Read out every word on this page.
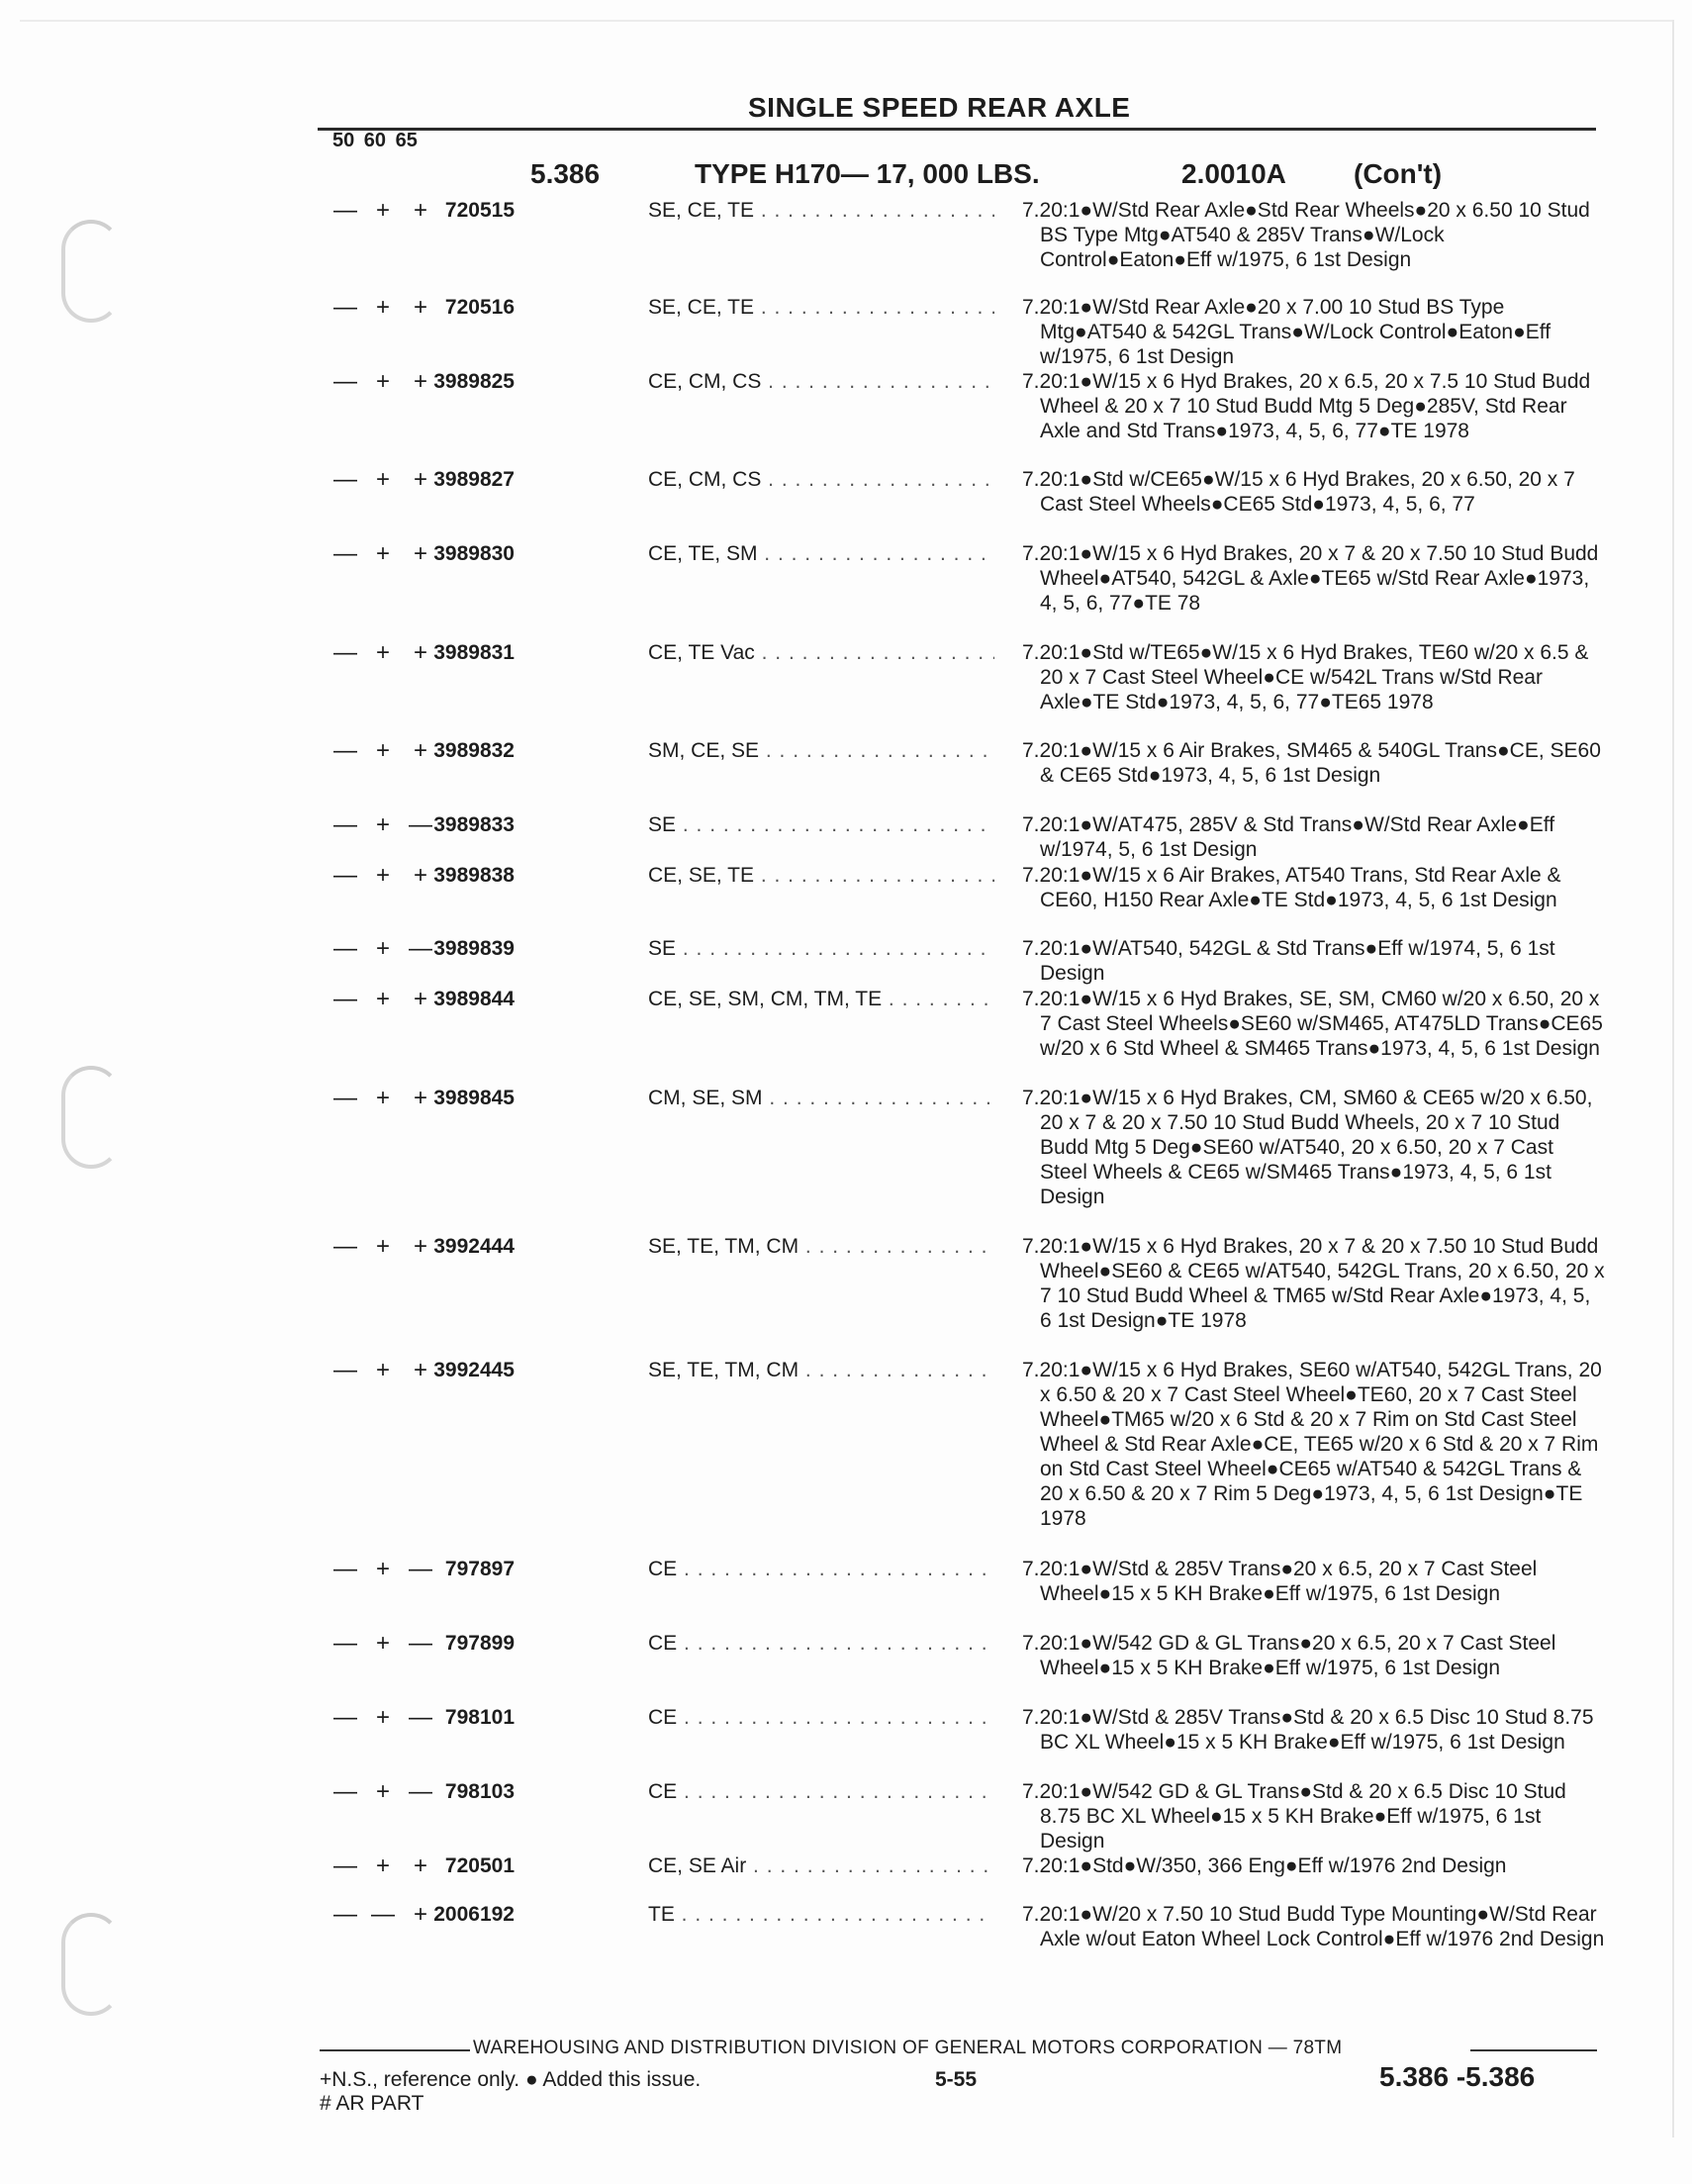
SINGLE SPEED REAR AXLE
50 60 65
5.386	TYPE H170— 17, 000 LBS.	2.0010A (Con't)
— + + 720515	SE, CE, TE . . .	7.20:1●W/Std Rear Axle●Std Rear Wheels●20 x 6.50 10 Stud BS Type Mtg●AT540 & 285V Trans●W/Lock Control●Eaton●Eff w/1975, 6 1st Design
— + + 720516	SE, CE, TE . . .	7.20:1●W/Std Rear Axle●20 x 7.00 10 Stud BS Type Mtg●AT540 & 542GL Trans●W/Lock Control●Eaton●Eff w/1975, 6 1st Design
— + + 3989825	CE, CM, CS . . .	7.20:1●W/15 x 6 Hyd Brakes, 20 x 6.5, 20 x 7.5 10 Stud Budd Wheel & 20 x 7 10 Stud Budd Mtg 5 Deg●285V, Std Rear Axle and Std Trans●1973, 4, 5, 6, 77●TE 1978
— + + 3989827	CE, CM, CS . . .	7.20:1●Std w/CE65●W/15 x 6 Hyd Brakes, 20 x 6.50, 20 x 7 Cast Steel Wheels●CE65 Std●1973, 4, 5, 6, 77
— + + 3989830	CE, TE, SM . . .	7.20:1●W/15 x 6 Hyd Brakes, 20 x 7 & 20 x 7.50 10 Stud Budd Wheel●AT540, 542GL & Axle●TE65 w/Std Rear Axle●1973, 4, 5, 6, 77●TE 78
— + + 3989831	CE, TE Vac . . .	7.20:1●Std w/TE65●W/15 x 6 Hyd Brakes, TE60 w/20 x 6.5 & 20 x 7 Cast Steel Wheel●CE w/542L Trans w/Std Rear Axle●TE Std●1973, 4, 5, 6, 77●TE65 1978
— + + 3989832	SM, CE, SE . . .	7.20:1●W/15 x 6 Air Brakes, SM465 & 540GL Trans●CE, SE60 & CE65 Std●1973, 4, 5, 6 1st Design
— + — 3989833	SE . . .	7.20:1●W/AT475, 285V & Std Trans●W/Std Rear Axle●Eff w/1974, 5, 6 1st Design
— + + 3989838	CE, SE, TE . . .	7.20:1●W/15 x 6 Air Brakes, AT540 Trans, Std Rear Axle & CE60, H150 Rear Axle●TE Std●1973, 4, 5, 6 1st Design
— + — 3989839	SE . . .	7.20:1●W/AT540, 542GL & Std Trans●Eff w/1974, 5, 6 1st Design
— + + 3989844	CE, SE, SM, CM, TM, TE . . .	7.20:1●W/15 x 6 Hyd Brakes, SE, SM, CM60 w/20 x 6.50, 20 x 7 Cast Steel Wheels●SE60 w/SM465, AT475LD Trans●CE65 w/20 x 6 Std Wheel & SM465 Trans●1973, 4, 5, 6 1st Design
— + + 3989845	CM, SE, SM . . .	7.20:1●W/15 x 6 Hyd Brakes, CM, SM60 & CE65 w/20 x 6.50, 20 x 7 & 20 x 7.50 10 Stud Budd Wheels, 20 x 7 10 Stud Budd Mtg 5 Deg●SE60 w/AT540, 20 x 6.50, 20 x 7 Cast Steel Wheels & CE65 w/SM465 Trans●1973, 4, 5, 6 1st Design
— + + 3992444	SE, TE, TM, CM . . .	7.20:1●W/15 x 6 Hyd Brakes, 20 x 7 & 20 x 7.50 10 Stud Budd Wheel●SE60 & CE65 w/AT540, 542GL Trans, 20 x 6.50, 20 x 7 10 Stud Budd Wheel & TM65 w/Std Rear Axle●1973, 4, 5, 6 1st Design●TE 1978
— + + 3992445	SE, TE, TM, CM . . .	7.20:1●W/15 x 6 Hyd Brakes, SE60 w/AT540, 542GL Trans, 20 x 6.50 & 20 x 7 Cast Steel Wheel●TE60, 20 x 7 Cast Steel Wheel●TM65 w/20 x 6 Std & 20 x 7 Rim on Std Cast Steel Wheel & Std Rear Axle●CE, TE65 w/20 x 6 Std & 20 x 7 Rim on Std Cast Steel Wheel●CE65 w/AT540 & 542GL Trans & 20 x 6.50 & 20 x 7 Rim 5 Deg●1973, 4, 5, 6 1st Design●TE 1978
— + — 797897	CE . . .	7.20:1●W/Std & 285V Trans●20 x 6.5, 20 x 7 Cast Steel Wheel●15 x 5 KH Brake●Eff w/1975, 6 1st Design
— + — 797899	CE . . .	7.20:1●W/542 GD & GL Trans●20 x 6.5, 20 x 7 Cast Steel Wheel●15 x 5 KH Brake●Eff w/1975, 6 1st Design
— + — 798101	CE . . .	7.20:1●W/Std & 285V Trans●Std & 20 x 6.5 Disc 10 Stud 8.75 BC XL Wheel●15 x 5 KH Brake●Eff w/1975, 6 1st Design
— + — 798103	CE . . .	7.20:1●W/542 GD & GL Trans●Std & 20 x 6.5 Disc 10 Stud 8.75 BC XL Wheel●15 x 5 KH Brake●Eff w/1975, 6 1st Design
— + + 720501	CE, SE Air . . .	7.20:1●Std●W/350, 366 Eng●Eff w/1976 2nd Design
— — + 2006192	TE . . .	7.20:1●W/20 x 7.50 10 Stud Budd Type Mounting●W/Std Rear Axle w/out Eaton Wheel Lock Control●Eff w/1976 2nd Design
WAREHOUSING AND DISTRIBUTION DIVISION OF GENERAL MOTORS CORPORATION — 78TM
+N.S., reference only. ● Added this issue.
# AR PART
5-55	5.386 -5.386
